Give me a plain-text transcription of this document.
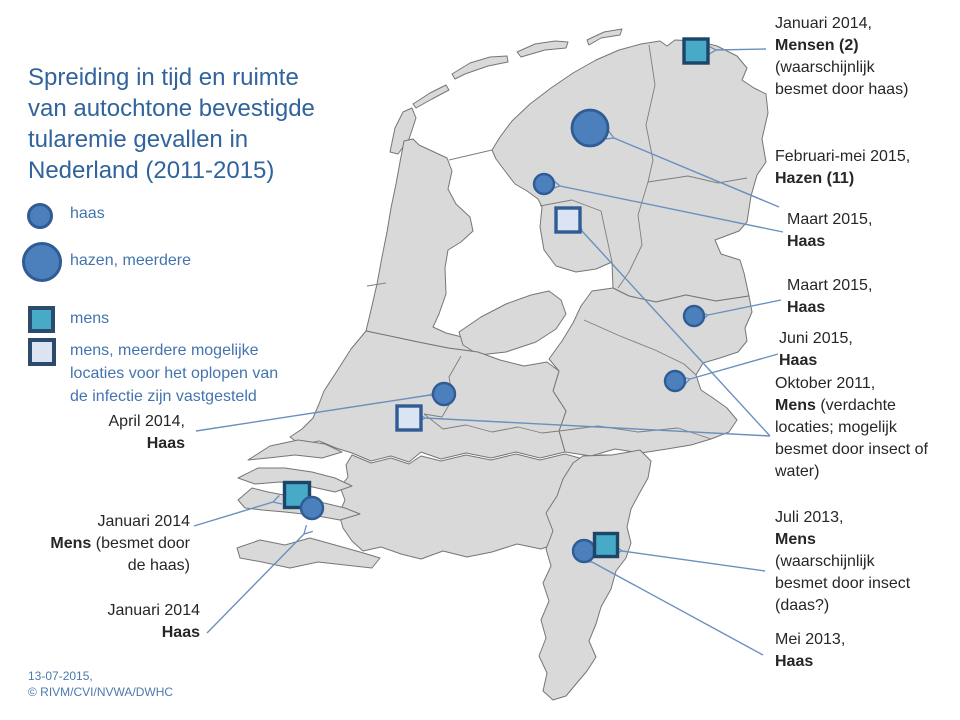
Spreiding in tijd en ruimte
van autochtone bevestigde
tularemie gevallen in
Nederland (2011-2015)
haas
hazen, meerdere
mens
mens, meerdere mogelijke
locaties voor het oplopen van
de infectie zijn vastgesteld
13-07-2015,
© RIVM/CVI/NVWA/DWHC
Januari 2014,
Mensen (2)
(waarschijnlijk
besmet door haas)
Februari-mei 2015,
Hazen (11)
Maart 2015,
Haas
Maart 2015,
Haas
Juni 2015,
Haas
Oktober 2011,
Mens (verdachte
locaties; mogelijk
besmet door insect of
water)
Juli 2013,
Mens
(waarschijnlijk
besmet door insect
(daas?)
Mei 2013,
Haas
April 2014,
Haas
Januari 2014
Mens (besmet door
de haas)
Januari 2014
Haas
